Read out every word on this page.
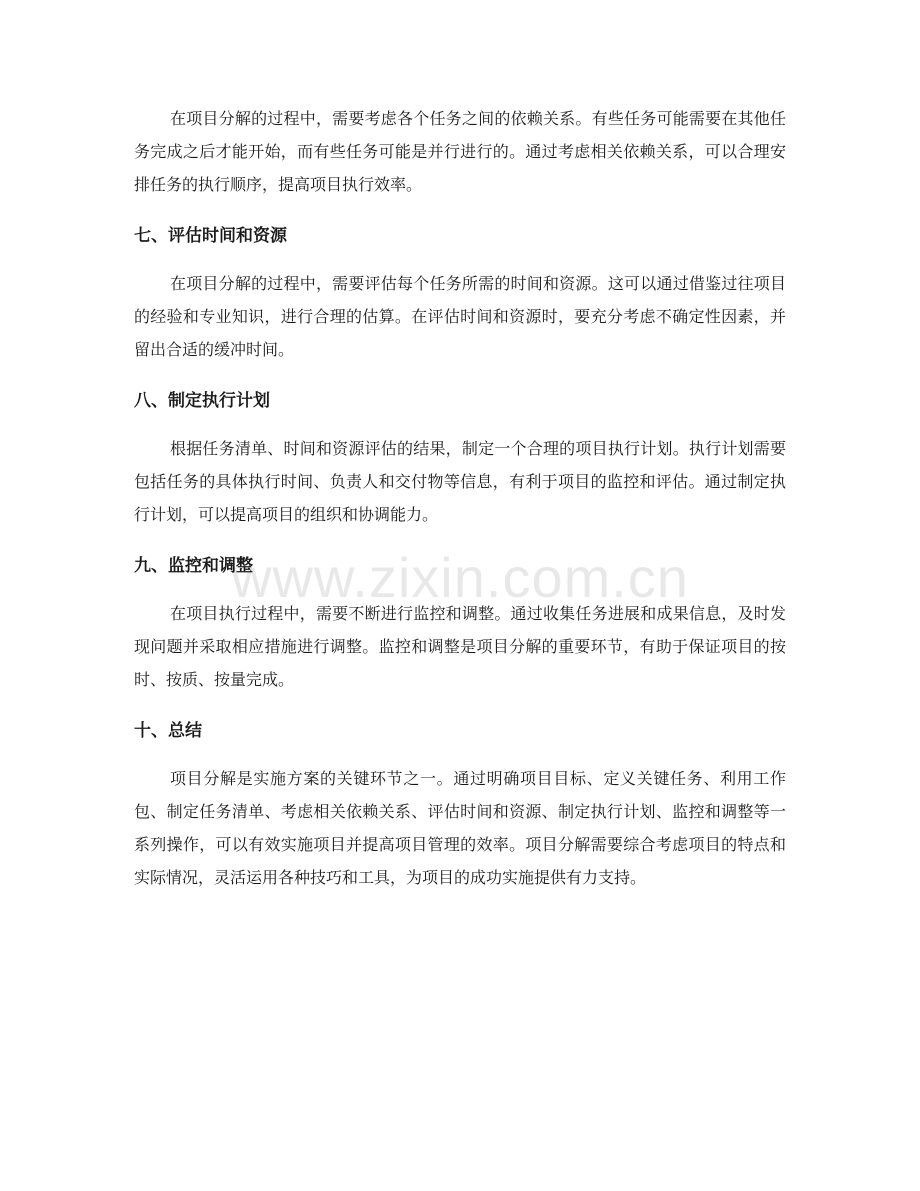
在项目分解的过程中，需要考虑各个任务之间的依赖关系。有些任务可能需要在其他任务完成之后才能开始，而有些任务可能是并行进行的。通过考虑相关依赖关系，可以合理安排任务的执行顺序，提高项目执行效率。

七、评估时间和资源

在项目分解的过程中，需要评估每个任务所需的时间和资源。这可以通过借鉴过往项目的经验和专业知识，进行合理的估算。在评估时间和资源时，要充分考虑不确定性因素，并留出合适的缓冲时间。

八、制定执行计划

根据任务清单、时间和资源评估的结果，制定一个合理的项目执行计划。执行计划需要包括任务的具体执行时间、负责人和交付物等信息，有利于项目的监控和评估。通过制定执行计划，可以提高项目的组织和协调能力。

九、监控和调整

在项目执行过程中，需要不断进行监控和调整。通过收集任务进展和成果信息，及时发现问题并采取相应措施进行调整。监控和调整是项目分解的重要环节，有助于保证项目的按时、按质、按量完成。

十、总结

项目分解是实施方案的关键环节之一。通过明确项目目标、定义关键任务、利用工作包、制定任务清单、考虑相关依赖关系、评估时间和资源、制定执行计划、监控和调整等一系列操作，可以有效实施项目并提高项目管理的效率。项目分解需要综合考虑项目的特点和实际情况，灵活运用各种技巧和工具，为项目的成功实施提供有力支持。

www.zixin.com.cn
